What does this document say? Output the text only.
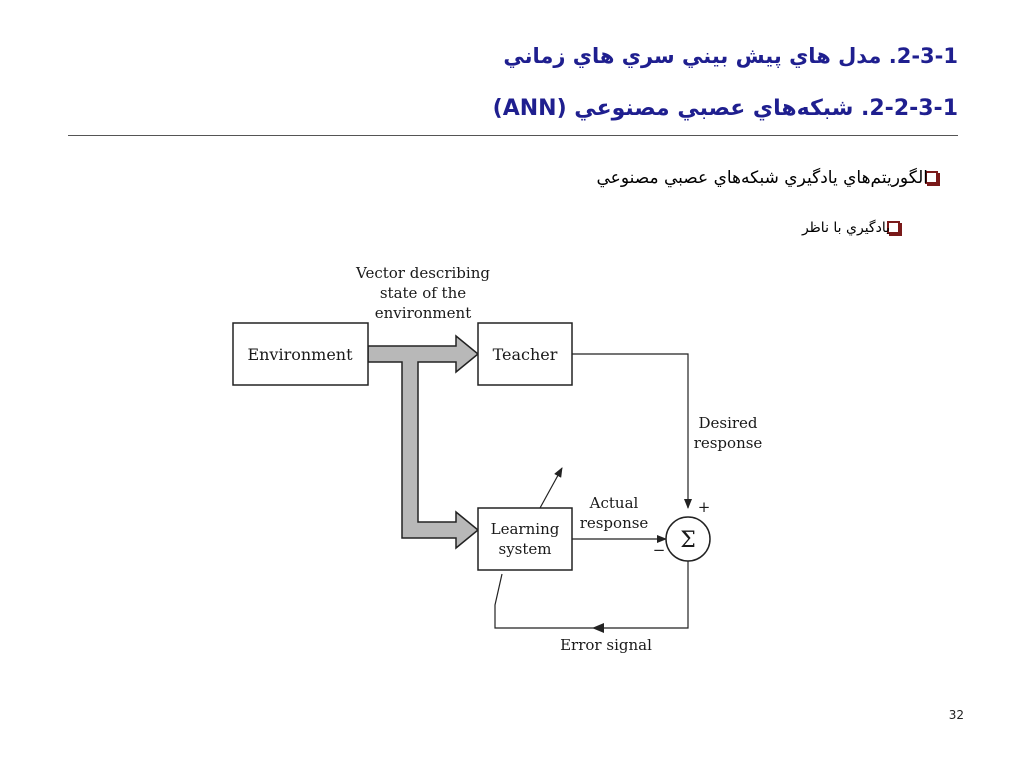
2-3-1. مدل هاي پيش بيني سري هاي زماني
2-2-3-1. شبكه‌هاي عصبي مصنوعي (ANN)
الگوريتم‌هاي يادگيري شبكه‌هاي عصبي مصنوعي
يادگيري با ناظر
Vector describing
state of the
environment
Environment	Teacher
Learning
system
Desired
response
Actual
response
Σ
+
−
Error signal
32
